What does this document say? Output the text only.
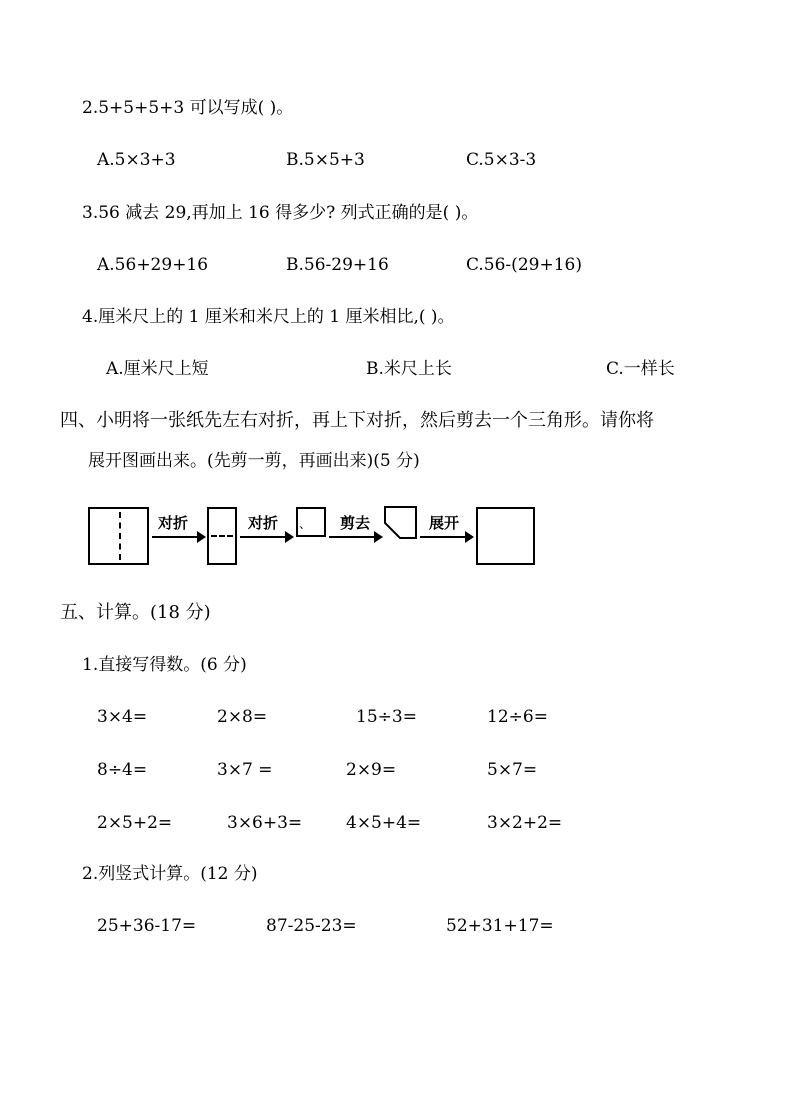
2.5+5+5+3 可以写成( )。
A.5×3+3	B.5×5+3	C.5×3-3
3.56 减去 29,再加上 16 得多少? 列式正确的是( )。
A.56+29+16	B.56-29+16	C.56-(29+16)
4.厘米尺上的 1 厘米和米尺上的 1 厘米相比,( )。
A.厘米尺上短	B.米尺上长	C.一样长
四、小明将一张纸先左右对折，再上下对折，然后剪去一个三角形。请你将
展开图画出来。(先剪一剪，再画出来)(5 分)
对折	对折 、 剪去	展开
五、计算。(18 分)
1.直接写得数。(6 分)
3×4=	2×8=	15÷3=	12÷6=
8÷4=	3×7 =	2×9=	5×7=
2×5+2=	3×6+3=	4×5+4=	3×2+2=
2.列竖式计算。(12 分)
25+36-17=	87-25-23=	52+31+17=
